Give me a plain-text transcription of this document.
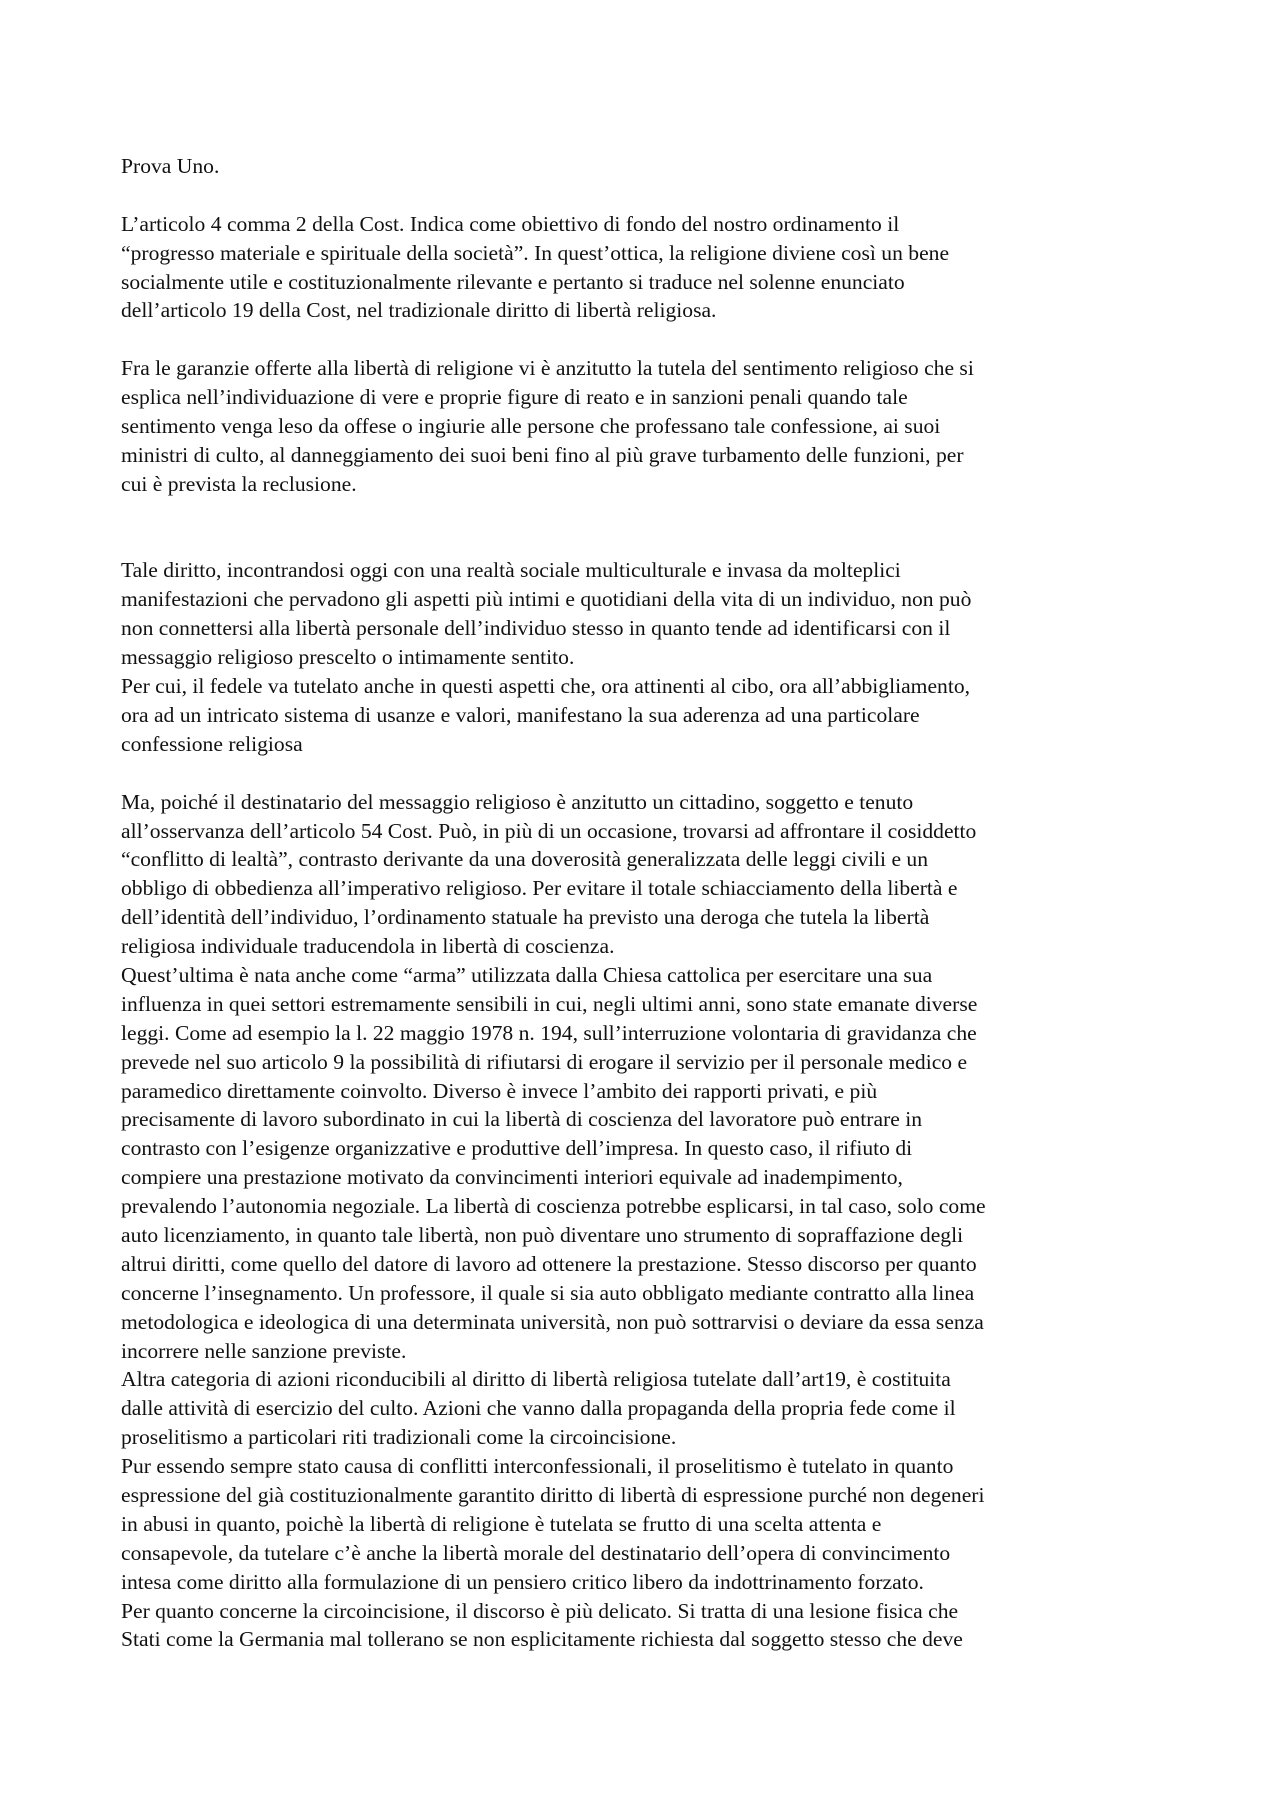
Prova Uno.
L’articolo 4 comma 2 della Cost. Indica come obiettivo di fondo del nostro ordinamento il
“progresso materiale e spirituale della società”. In quest’ottica, la religione diviene così un bene
socialmente utile e costituzionalmente rilevante e pertanto si traduce nel solenne enunciato
dell’articolo 19 della Cost, nel tradizionale diritto di libertà religiosa.
Fra le garanzie offerte alla libertà di religione vi è anzitutto la tutela del sentimento religioso che si
esplica nell’individuazione di vere e proprie figure di reato e in sanzioni penali quando tale
sentimento venga leso da offese o ingiurie alle persone che professano tale confessione, ai suoi
ministri di culto, al danneggiamento dei suoi beni fino al più grave turbamento delle funzioni, per
cui è prevista la reclusione.
Tale diritto, incontrandosi oggi con una realtà sociale multiculturale e invasa da molteplici
manifestazioni che pervadono gli aspetti più intimi e quotidiani della vita di un individuo, non può
non connettersi alla libertà personale dell’individuo stesso in quanto tende ad identificarsi con il
messaggio religioso prescelto o intimamente sentito.
Per cui, il fedele va tutelato anche in questi aspetti che, ora attinenti al cibo, ora all’abbigliamento,
ora ad un intricato sistema di usanze e valori, manifestano la sua aderenza ad una particolare
confessione religiosa
Ma, poiché il destinatario del messaggio religioso è anzitutto un cittadino, soggetto e tenuto
all’osservanza dell’articolo 54 Cost. Può, in più di un occasione, trovarsi ad affrontare il cosiddetto
“conflitto di lealtà”, contrasto derivante da una doverosità generalizzata delle leggi civili e un
obbligo di obbedienza all’imperativo religioso. Per evitare il totale schiacciamento della libertà e
dell’identità dell’individuo, l’ordinamento statuale ha previsto una deroga che tutela la libertà
religiosa individuale traducendola in libertà di coscienza.
Quest’ultima è nata anche come “arma” utilizzata dalla Chiesa cattolica per esercitare una sua
influenza in quei settori estremamente sensibili in cui, negli ultimi anni, sono state emanate diverse
leggi. Come ad esempio la l. 22 maggio 1978 n. 194, sull’interruzione volontaria di gravidanza che
prevede nel suo articolo 9 la possibilità di rifiutarsi di erogare il servizio per il personale medico e
paramedico direttamente coinvolto. Diverso è invece l’ambito dei rapporti privati, e più
precisamente di lavoro subordinato in cui la libertà di coscienza del lavoratore può entrare in
contrasto con l’esigenze organizzative e produttive dell’impresa. In questo caso, il rifiuto di
compiere una prestazione motivato da convincimenti interiori equivale ad inadempimento,
prevalendo l’autonomia negoziale. La libertà di coscienza potrebbe esplicarsi, in tal caso, solo come
auto licenziamento, in quanto tale libertà, non può diventare uno strumento di sopraffazione degli
altrui diritti, come quello del datore di lavoro ad ottenere la prestazione. Stesso discorso per quanto
concerne l’insegnamento. Un professore, il quale si sia auto obbligato mediante contratto alla linea
metodologica e ideologica di una determinata università, non può sottrarvisi o deviare da essa senza
incorrere nelle sanzione previste.
Altra categoria di azioni riconducibili al diritto di libertà religiosa tutelate dall’art19, è costituita
dalle attività di esercizio del culto. Azioni che vanno dalla propaganda della propria fede come il
proselitismo a particolari riti tradizionali come la circoincisione.
Pur essendo sempre stato causa di conflitti interconfessionali, il proselitismo è tutelato in quanto
espressione del già costituzionalmente garantito diritto di libertà di espressione purché non degeneri
in abusi in quanto, poichè la libertà di religione è tutelata se frutto di una scelta attenta e
consapevole, da tutelare c’è anche la libertà morale del destinatario dell’opera di convincimento
intesa come diritto alla formulazione di un pensiero critico libero da indottrinamento forzato.
Per quanto concerne la circoincisione, il discorso è più delicato. Si tratta di una lesione fisica che
Stati come la Germania mal tollerano se non esplicitamente richiesta dal soggetto stesso che deve
